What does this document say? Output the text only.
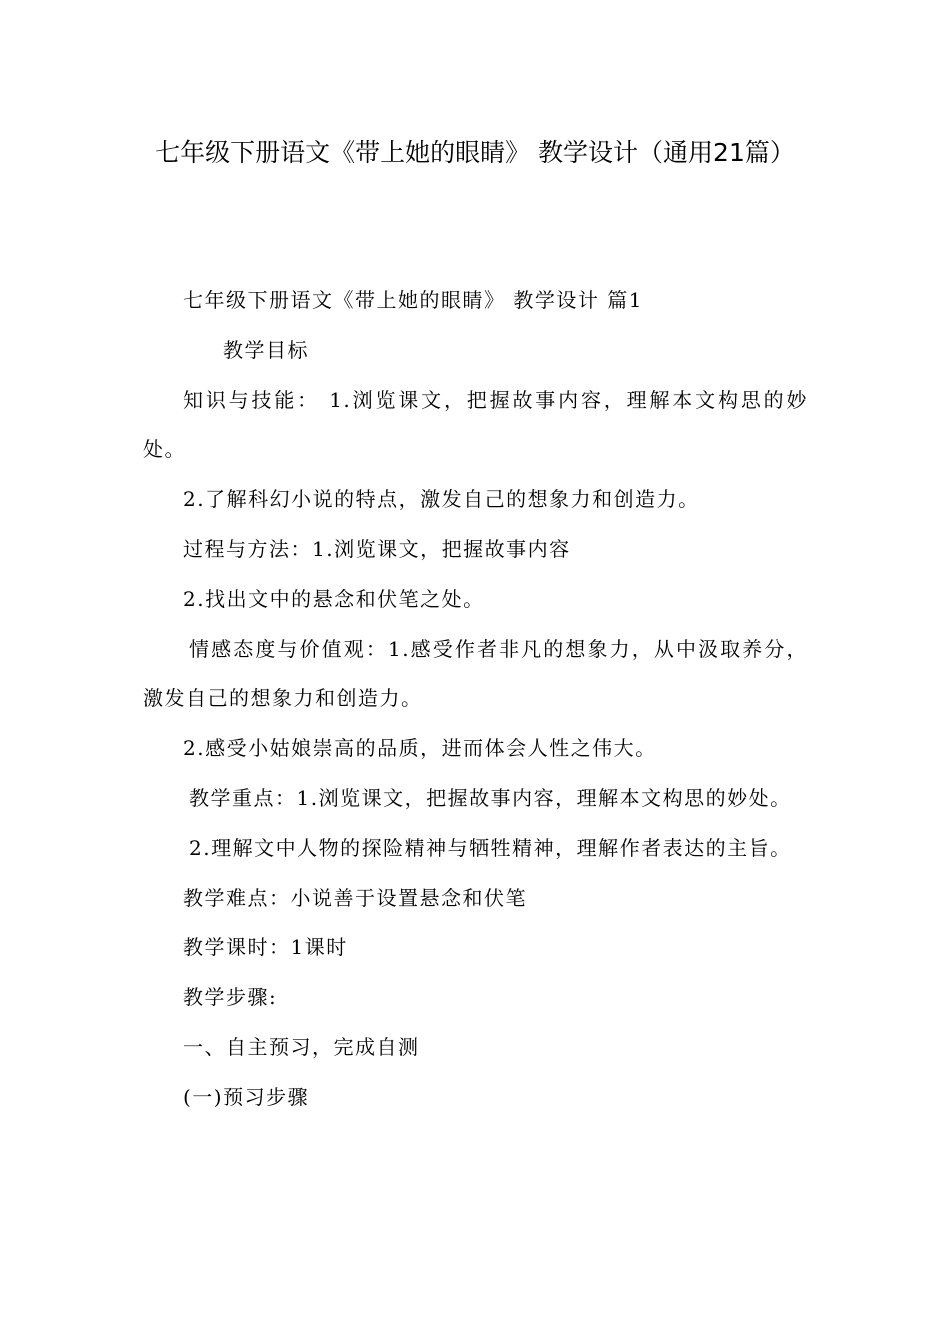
七年级下册语文《带上她的眼睛》 教学设计（通用21篇）

七年级下册语文《带上她的眼睛》 教学设计 篇1

教学目标

知识与技能： 1.浏览课文，把握故事内容，理解本文构思的妙处。

2.了解科幻小说的特点，激发自己的想象力和创造力。

过程与方法：1.浏览课文，把握故事内容

2.找出文中的悬念和伏笔之处。

情感态度与价值观：1.感受作者非凡的想象力，从中汲取养分，激发自己的想象力和创造力。

2.感受小姑娘崇高的品质，进而体会人性之伟大。

教学重点：1.浏览课文，把握故事内容，理解本文构思的妙处。

2.理解文中人物的探险精神与牺牲精神，理解作者表达的主旨。

教学难点：小说善于设置悬念和伏笔

教学课时：1课时

教学步骤:

一、自主预习，完成自测

(一)预习步骤
